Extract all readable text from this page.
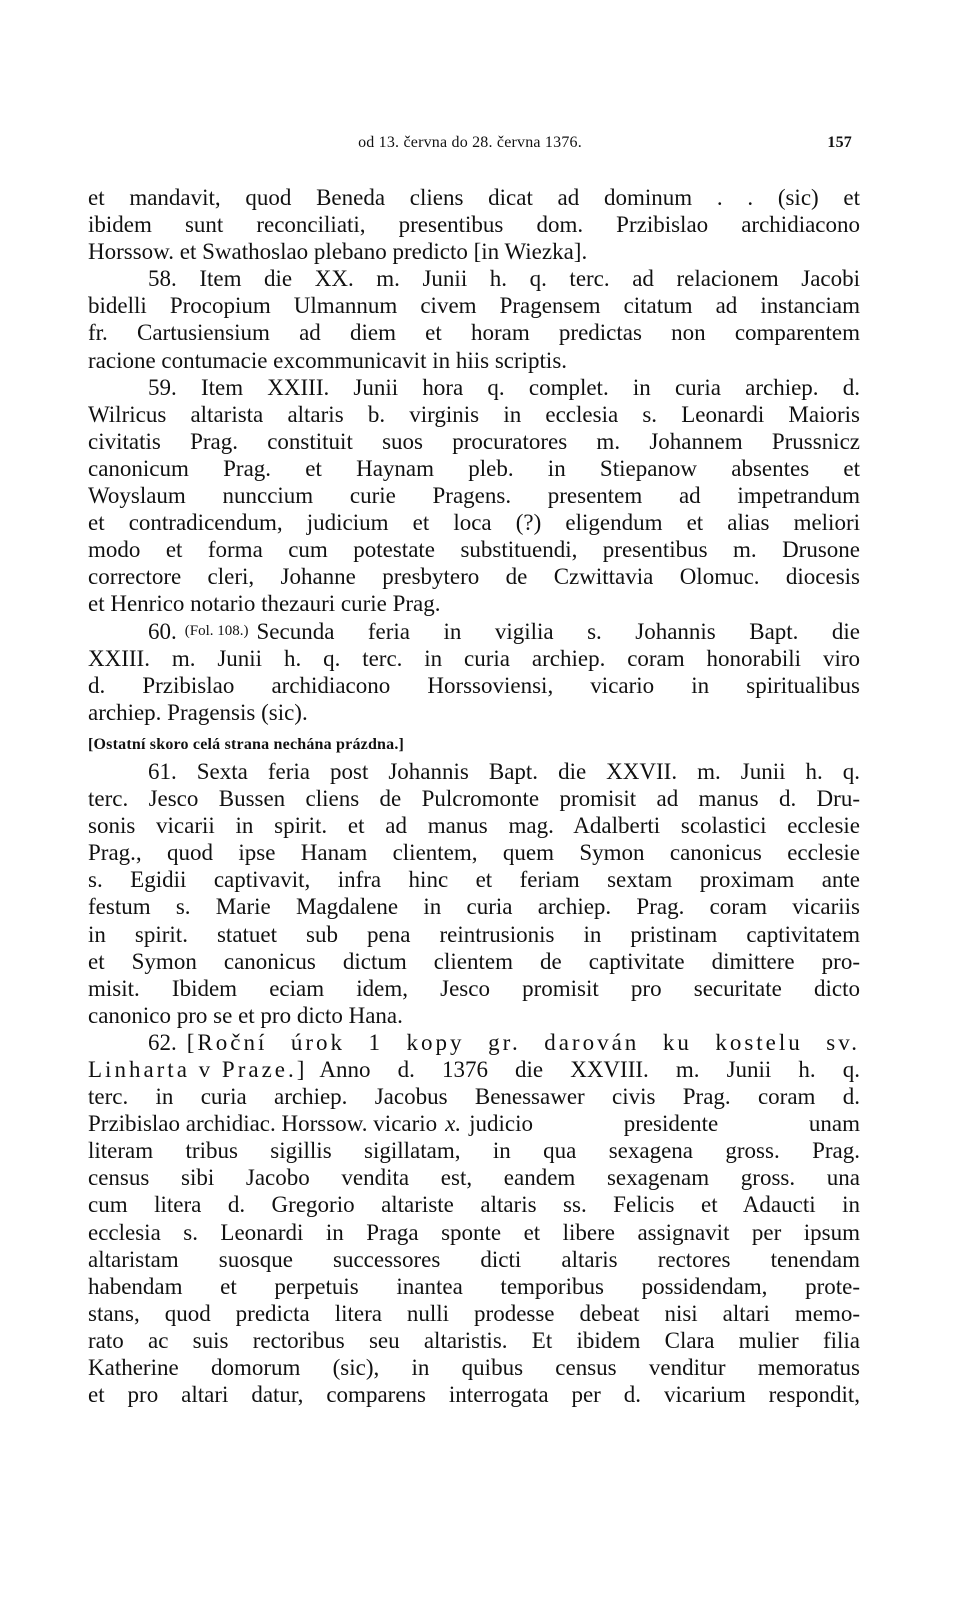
od 13. června do 28. června 1376.	157
et mandavit, quod Beneda cliens dicat ad dominum . . (sic) et
ibidem sunt reconciliati, presentibus dom. Przibislao archidiacono
Horssow. et Swathoslao plebano predicto [in Wiezka].
58. Item die XX. m. Junii h. q. terc. ad relacionem Jacobi
bidelli Procopium Ulmannum civem Pragensem citatum ad instanciam
fr. Cartusiensium ad diem et horam predictas non comparentem
racione contumacie excommunicavit in hiis scriptis.
59. Item XXIII. Junii hora q. complet. in curia archiep. d.
Wilricus altarista altaris b. virginis in ecclesia s. Leonardi Maioris
civitatis Prag. constituit suos procuratores m. Johannem Prussnicz
canonicum Prag. et Haynam pleb. in Stiepanow absentes et
Woyslaum nunccium curie Pragens. presentem ad impetrandum
et contradicendum, judicium et loca (?) eligendum et alias meliori
modo et forma cum potestate substituendi, presentibus m. Drusone
correctore cleri, Johanne presbytero de Czwittavia Olomuc. diocesis
et Henrico notario thezauri curie Prag.
60. (Fol. 108.) Secunda feria in vigilia s. Johannis Bapt. die
XXIII. m. Junii h. q. terc. in curia archiep. coram honorabili viro
d. Przibislao archidiacono Horssoviensi, vicario in spiritualibus
archiep. Pragensis (sic).
[Ostatní skoro celá strana nechána prázdna.]
61. Sexta feria post Johannis Bapt. die XXVII. m. Junii h. q.
terc. Jesco Bussen cliens de Pulcromonte promisit ad manus d. Dru-
sonis vicarii in spirit. et ad manus mag. Adalberti scolastici ecclesie
Prag., quod ipse Hanam clientem, quem Symon canonicus ecclesie
s. Egidii captivavit, infra hinc et feriam sextam proximam ante
festum s. Marie Magdalene in curia archiep. Prag. coram vicariis
in spirit. statuet sub pena reintrusionis in pristinam captivitatem
et Symon canonicus dictum clientem de captivitate dimittere pro-
misit. Ibidem eciam idem, Jesco promisit pro securitate dicto
canonico pro se et pro dicto Hana.
62. [Roční úrok 1 kopy gr. darován ku kostelu sv.
Linharta v Praze.] Anno d. 1376 die XXVIII. m. Junii h. q.
terc. in curia archiep. Jacobus Benessawer civis Prag. coram d.
Przibislao archidiac. Horssow. vicario x. judicio presidente unam
literam tribus sigillis sigillatam, in qua sexagena gross. Prag.
census sibi Jacobo vendita est, eandem sexagenam gross. una
cum litera d. Gregorio altariste altaris ss. Felicis et Adaucti in
ecclesia s. Leonardi in Praga sponte et libere assignavit per ipsum
altaristam suosque successores dicti altaris rectores tenendam
habendam et perpetuis inantea temporibus possidendam, prote-
stans, quod predicta litera nulli prodesse debeat nisi altari memo-
rato ac suis rectoribus seu altaristis. Et ibidem Clara mulier filia
Katherine domorum (sic), in quibus census venditur memoratus
et pro altari datur, comparens interrogata per d. vicarium respondit,
